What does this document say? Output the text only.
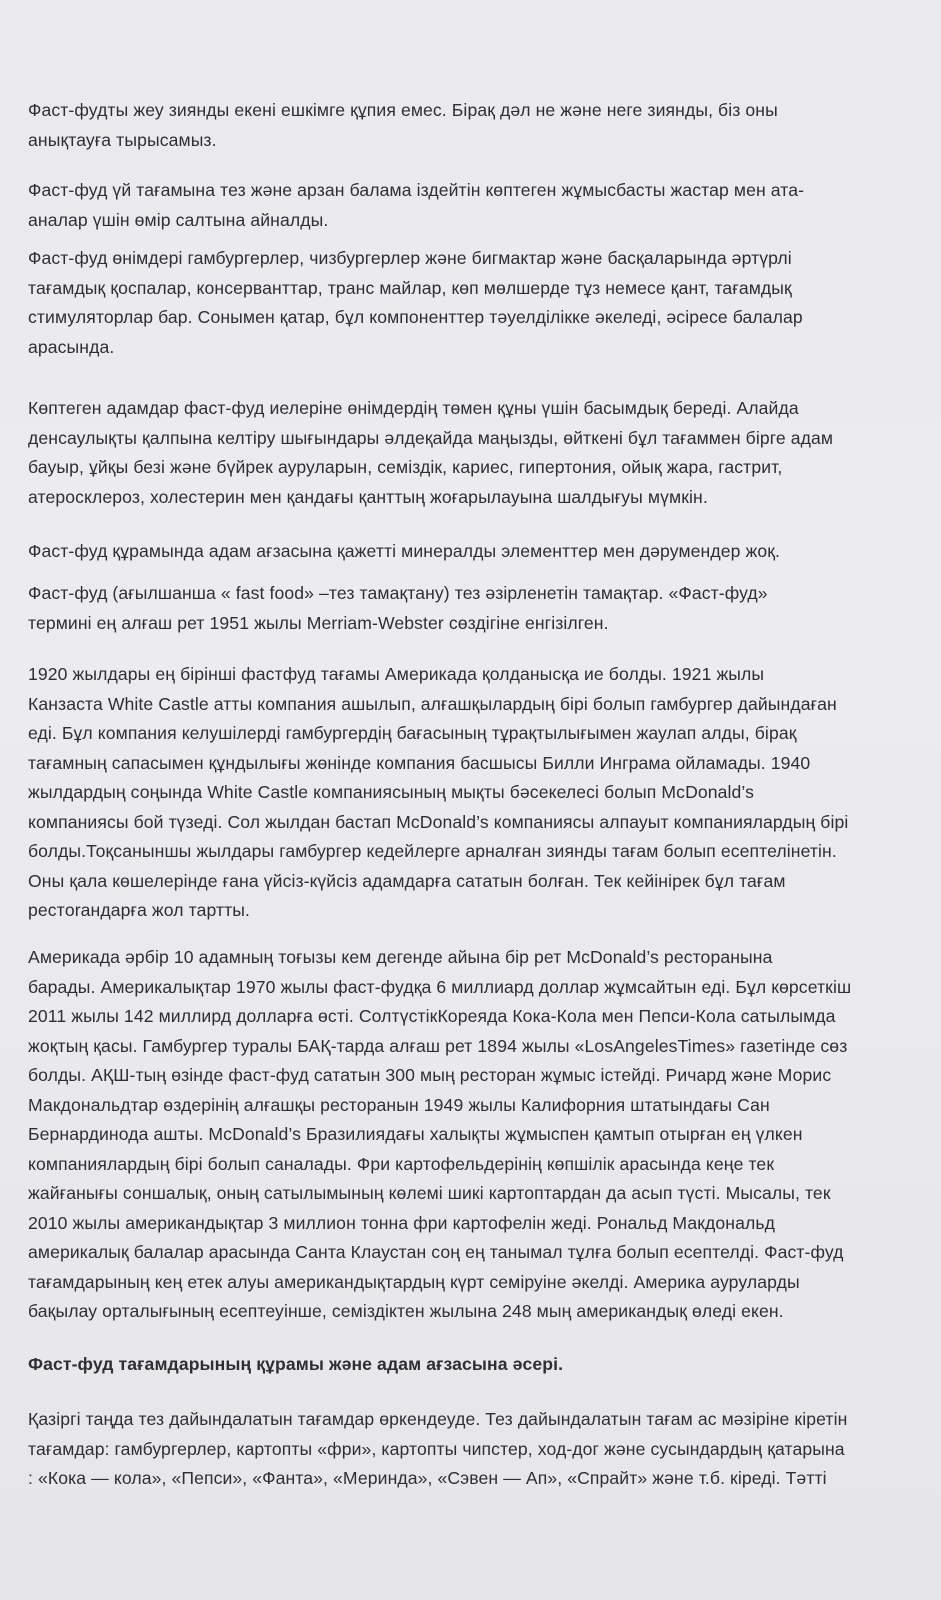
Фаст-фудты жеу зиянды екені ешкімге құпия емес. Бірақ дәл не және неге зиянды, біз оны
анықтауға тырысамыз.

Фаст-фуд үй тағамына тез және арзан балама іздейтін көптеген жұмысбасты жастар мен ата-
аналар үшін өмір салтына айналды.

Фаст-фуд өнімдері гамбургерлер, чизбургерлер және бигмактар және басқаларында әртүрлі
тағамдық қоспалар, консерванттар, транс майлар, көп мөлшерде тұз немесе қант, тағамдық
стимуляторлар бар. Сонымен қатар, бұл компоненттер тәуелділікке әкеледі, әсіресе балалар
арасында.

Көптеген адамдар фаст-фуд иелеріне өнімдердің төмен құны үшін басымдық береді. Алайда
денсаулықты қалпына келтіру шығындары әлдеқайда маңызды, өйткені бұл тағаммен бірге адам
бауыр, ұйқы безі және бүйрек ауруларын, семіздік, кариес, гипертония, ойық жара, гастрит,
атеросклероз, холестерин мен қандағы қанттың жоғарылауына шалдығуы мүмкін.

Фаст-фуд құрамында адам ағзасына қажетті минералды элементтер мен дәрумендер жоқ.

Фаст-фуд (ағылшанша « fast food» –тез тамақтану) тез әзірленетін тамақтар. «Фаст-фуд»
термині ең алғаш рет 1951 жылы Merriam-Webster сөздігіне енгізілген.

1920 жылдары ең бірінші фастфуд тағамы Америкада қолданысқа ие болды. 1921 жылы
Канзаста White Castle атты компания ашылып, алғашқылардың бірі болып гамбургер дайындаған
еді. Бұл компания келушілерді гамбургердің бағасының тұрақтылығымен жаулап алды, бірақ
тағамның сапасымен құндылығы жөнінде компания басшысы Билли Инграма ойламады. 1940
жылдардың соңында White Castle компаниясының мықты бәсекелесі болып McDonald’s
компаниясы бой түзеді. Сол жылдан бастап McDonald’s компаниясы алпауыт компаниялардың бірі
болды.Тоқсаныншы жылдары гамбургер кедейлерге арналған зиянды тағам болып есептелінетін.
Оны қала көшелерінде ғана үйсіз-күйсіз адамдарға сататын болған. Тек кейінірек бұл тағам
рестorандарға жол тартты.

Америкада әрбір 10 адамның тоғызы кем дегенде айына бір рет McDonald’s ресторанына
барады. Америкалықтар 1970 жылы фаст-фудқа 6 миллиард доллар жұмсайтын еді. Бұл көрсеткіш
2011 жылы 142 миллирд долларға өсті. СолтүстікКореяда Кока-Кола мен Пепси-Кола сатылымда
жоқтың қасы. Гамбургер туралы БАҚ-тарда алғаш рет 1894 жылы «LosAngelesTimes» газетінде сөз
болды. АҚШ-тың өзінде фаст-фуд сататын 300 мың ресторан жұмыс істейді. Ричард және Морис
Макдональдтар өздерінің алғашқы ресторанын 1949 жылы Калифорния штатындағы Сан
Бернардинода ашты. McDonald’s Бразилиядағы халықты жұмыспен қамтып отырған ең үлкен
компаниялардың бірі болып саналады. Фри картофельдерінің көпшілік арасында кеңе тек
жайғанығы соншалық, оның сатылымының көлемі шикі картоптардан да асып түсті. Мысалы, тек
2010 жылы американдықтар 3 миллион тонна фри картофелін жеді. Рональд Макдональд
америкалық балалар арасында Санта Клаустан соң ең танымал тұлға болып есептелді. Фаст-фуд
тағамдарының кең етек алуы американдықтардың күрт семіруіне әкелді. Америка ауруларды
бақылау орталығының есептеуінше, семіздіктен жылына 248 мың американдық өледі екен.

Фаст-фуд тағамдарының құрамы және адам ағзасына әсері.

Қазіргі таңда тез дайындалатын тағамдар өркендеуде. Тез дайындалатын тағам ас мәзіріне кіретін
тағамдар: гамбургерлер, картопты «фри», картопты чипстер, ход-дог және сусындардың қатарына
: «Кока — кола», «Пепси», «Фанта», «Меринда», «Сэвен — Ап», «Спрайт» және т.б. кіреді. Тәтті
